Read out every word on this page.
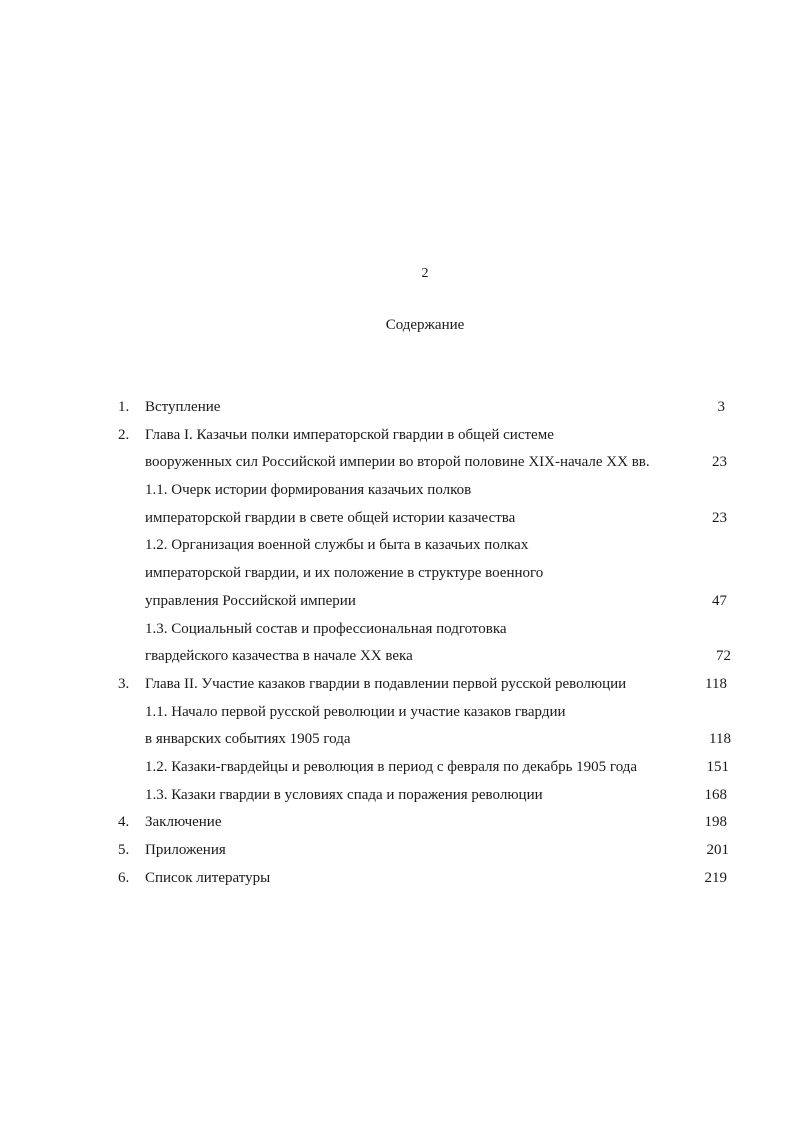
2
Содержание
1.	Вступление	3
2.	Глава I. Казачьи полки императорской гвардии в общей системе
вооруженных сил Российской империи во второй половине XIX-начале XX вв.	23
1.1. Очерк истории формирования казачьих полков
императорской гвардии в свете общей истории казачества	23
1.2. Организация военной службы и быта в казачьих полках
императорской гвардии, и их положение в структуре военного
управления Российской империи	47
1.3. Социальный состав и профессиональная подготовка
гвардейского казачества в начале XX века	72
3.	Глава II. Участие казаков гвардии в подавлении первой русской революции	118
1.1. Начало первой русской революции и участие казаков гвардии
в январских событиях 1905 года	118
1.2. Казаки-гвардейцы и революция в период с февраля по декабрь 1905 года	151
1.3. Казаки гвардии в условиях спада и поражения революции	168
4.	Заключение	198
5.	Приложения	201
6.	Список литературы	219
